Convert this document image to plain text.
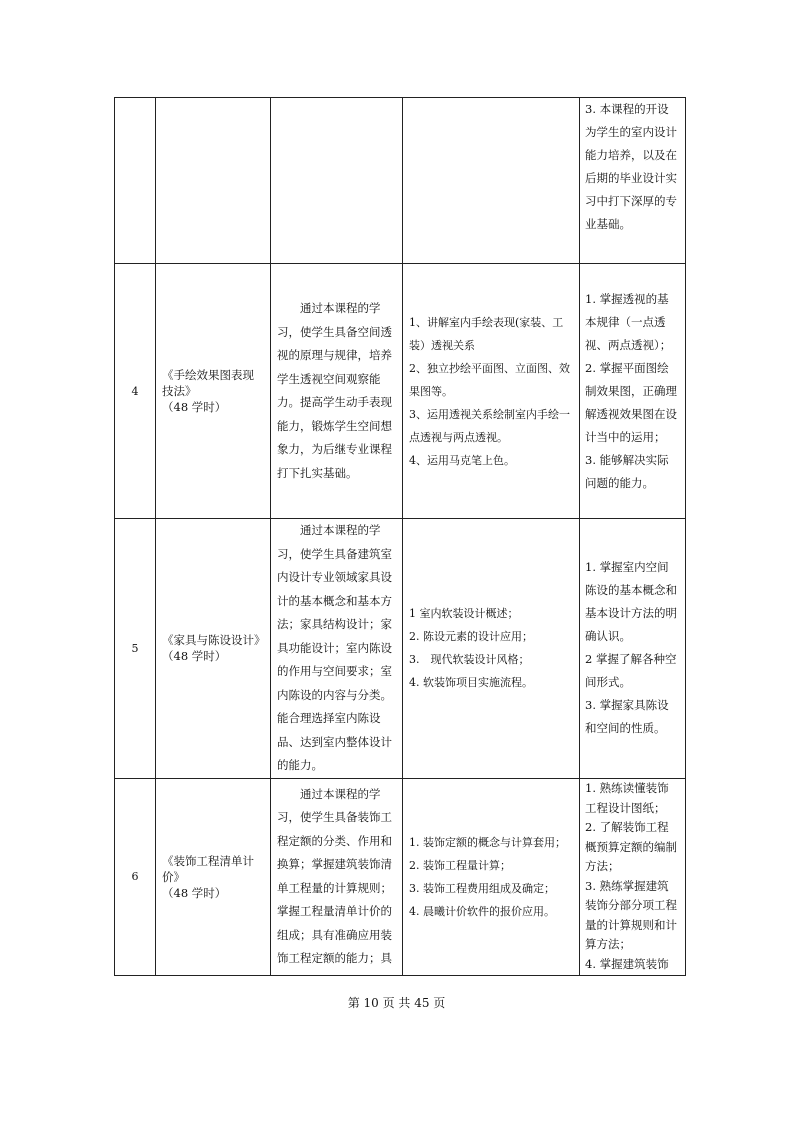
				3. 本课程的开设为学生的室内设计能力培养，以及在后期的毕业设计实习中打下深厚的专业基础。

4	《手绘效果图表现技法》
（48 学时）	通过本课程的学习，使学生具备空间透视的原理与规律，培养学生透视空间观察能力。提高学生动手表现能力，锻炼学生空间想象力，为后继专业课程打下扎实基础。	1、讲解室内手绘表现(家装、工装）透视关系
2、独立抄绘平面图、立面图、效果图等。
3、运用透视关系绘制室内手绘一点透视与两点透视。
4、运用马克笔上色。	1. 掌握透视的基本规律（一点透视、两点透视）；
2. 掌握平面图绘制效果图，正确理解透视效果图在设计当中的运用；
3. 能够解决实际问题的能力。

5	《家具与陈设设计》
（48 学时）	通过本课程的学习，使学生具备建筑室内设计专业领域家具设计的基本概念和基本方法；家具结构设计；家具功能设计；室内陈设的作用与空间要求；室内陈设的内容与分类。能合理选择室内陈设品、达到室内整体设计的能力。	1 室内软装设计概述；
2. 陈设元素的设计应用；
3.　现代软装设计风格；
4. 软装饰项目实施流程。	1. 掌握室内空间陈设的基本概念和基本设计方法的明确认识。
2 掌握了解各种空间形式。
3. 掌握家具陈设和空间的性质。

6	《装饰工程清单计价》
（48 学时）	通过本课程的学习，使学生具备装饰工程定额的分类、作用和换算；掌握建筑装饰清单工程量的计算规则；掌握工程量清单计价的组成；具有准确应用装饰工程定额的能力；具	1. 装饰定额的概念与计算套用；
2. 装饰工程量计算；
3. 装饰工程费用组成及确定；
4. 晨曦计价软件的报价应用。	1. 熟练读懂装饰工程设计图纸；
2. 了解装饰工程概预算定额的编制方法；
3. 熟练掌握建筑装饰分部分项工程量的计算规则和计算方法；
4. 掌握建筑装饰
第 10 页 共 45 页
